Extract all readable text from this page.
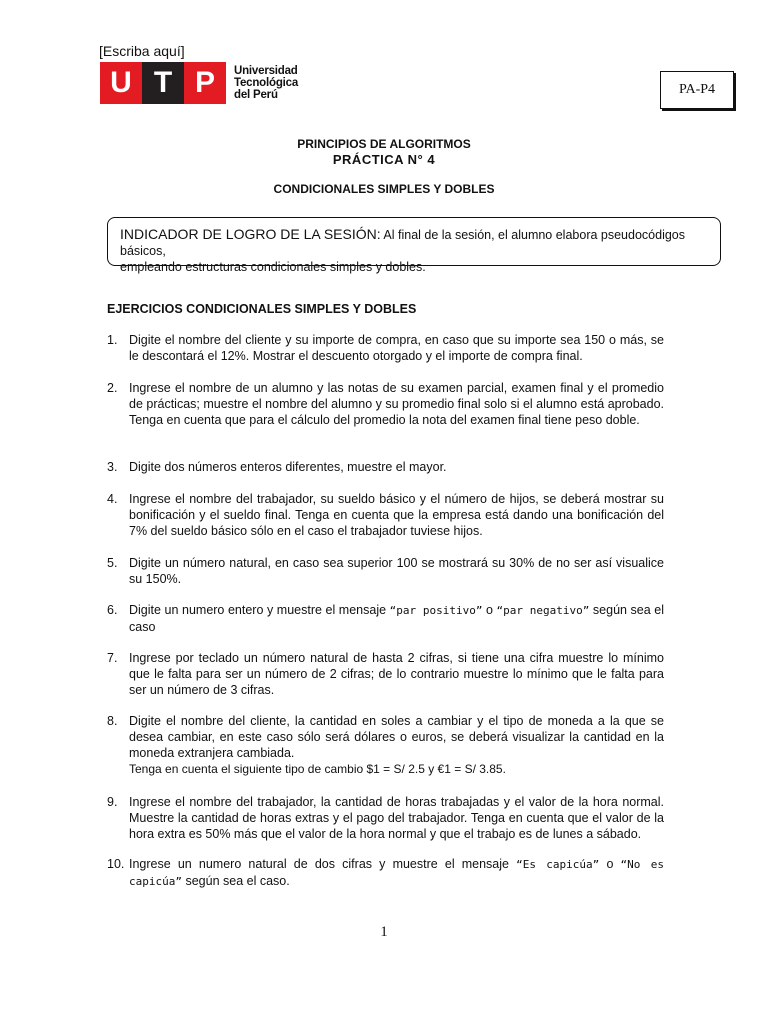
[Escriba aquí]
U T P	Universidad
Tecnológica
del Perú	PA-P4
PRINCIPIOS DE ALGORITMOS
PRÁCTICA N° 4
CONDICIONALES SIMPLES Y DOBLES
INDICADOR DE LOGRO DE LA SESIÓN: Al final de la sesión, el alumno elabora pseudocódigos básicos,
empleando estructuras condicionales simples y dobles.
EJERCICIOS CONDICIONALES SIMPLES Y DOBLES
1. Digite el nombre del cliente y su importe de compra, en caso que su importe sea 150 o más, se le descontará el 12%. Mostrar el descuento otorgado y el importe de compra final.
2. Ingrese el nombre de un alumno y las notas de su examen parcial, examen final y el promedio de prácticas; muestre el nombre del alumno y su promedio final solo si el alumno está aprobado. Tenga en cuenta que para el cálculo del promedio la nota del examen final tiene peso doble.
3. Digite dos números enteros diferentes, muestre el mayor.
4. Ingrese el nombre del trabajador, su sueldo básico y el número de hijos, se deberá mostrar su bonificación y el sueldo final. Tenga en cuenta que la empresa está dando una bonificación del 7% del sueldo básico sólo en el caso el trabajador tuviese hijos.
5. Digite un número natural, en caso sea superior 100 se mostrará su 30% de no ser así visualice su 150%.
6. Digite un numero entero y muestre el mensaje “par positivo” o “par negativo” según sea el caso
7. Ingrese por teclado un número natural de hasta 2 cifras, si tiene una cifra muestre lo mínimo que le falta para ser un número de 2 cifras; de lo contrario muestre lo mínimo que le falta para ser un número de 3 cifras.
8. Digite el nombre del cliente, la cantidad en soles a cambiar y el tipo de moneda a la que se desea cambiar, en este caso sólo será dólares o euros, se deberá visualizar la cantidad en la moneda extranjera cambiada.
Tenga en cuenta el siguiente tipo de cambio $1 = S/ 2.5 y €1 = S/ 3.85.
9. Ingrese el nombre del trabajador, la cantidad de horas trabajadas y el valor de la hora normal. Muestre la cantidad de horas extras y el pago del trabajador. Tenga en cuenta que el valor de la hora extra es 50% más que el valor de la hora normal y que el trabajo es de lunes a sábado.
10. Ingrese un numero natural de dos cifras y muestre el mensaje “Es capicúa” o “No es capicúa” según sea el caso.
1
